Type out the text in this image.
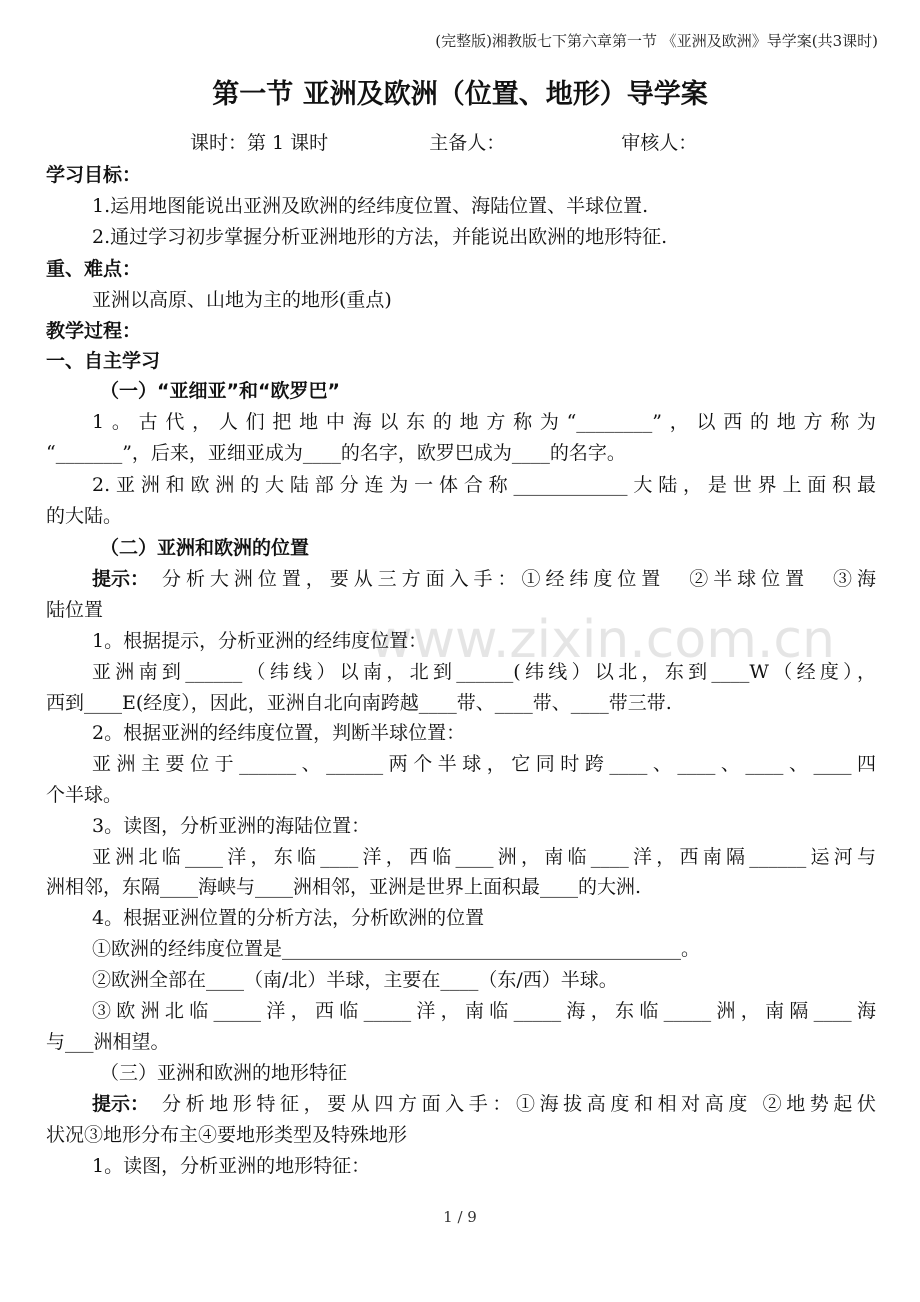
(完整版)湘教版七下第六章第一节 《亚洲及欧洲》导学案(共3课时)
第一节 亚洲及欧洲（位置、地形）导学案
课时：第 1 课时	主备人：	审核人：
www.zixin.com.cn
学习目标：
1.运用地图能说出亚洲及欧洲的经纬度位置、海陆位置、半球位置.
2.通过学习初步掌握分析亚洲地形的方法，并能说出欧洲的地形特征.
重、难点：
亚洲以高原、山地为主的地形(重点)
教学过程：
一、自主学习
（一）“亚细亚”和“欧罗巴”
1。古代，人们把地中海以东的地方称为“________”，以西的地方称为
“_______”，后来，亚细亚成为____的名字，欧罗巴成为____的名字。
2.亚洲和欧洲的大陆部分连为一体合称____________大陆，是世界上面积最
的大陆。
（二）亚洲和欧洲的位置
提示： 分析大洲位置，要从三方面入手：①经纬度位置　②半球位置　③海
陆位置
1。根据提示，分析亚洲的经纬度位置：
亚洲南到______（纬线）以南，北到______(纬线）以北，东到____W（经度），
西到____E(经度），因此，亚洲自北向南跨越____带、____带、____带三带.
2。根据亚洲的经纬度位置，判断半球位置：
亚洲主要位于______、______两个半球，它同时跨____、____、____、____四
个半球。
3。读图，分析亚洲的海陆位置：
亚洲北临____洋，东临____洋，西临____洲，南临____洋，西南隔______运河与
洲相邻，东隔____海峡与____洲相邻，亚洲是世界上面积最____的大洲.
4。根据亚洲位置的分析方法，分析欧洲的位置
①欧洲的经纬度位置是__________________________________________。
②欧洲全部在____（南/北）半球，主要在____（东/西）半球。
③欧洲北临_____洋，西临_____洋，南临_____海，东临_____洲，南隔____海
与___洲相望。
（三）亚洲和欧洲的地形特征
提示： 分析地形特征，要从四方面入手：①海拔高度和相对高度 ②地势起伏
状况③地形分布主④要地形类型及特殊地形
1。读图，分析亚洲的地形特征：
1 / 9
